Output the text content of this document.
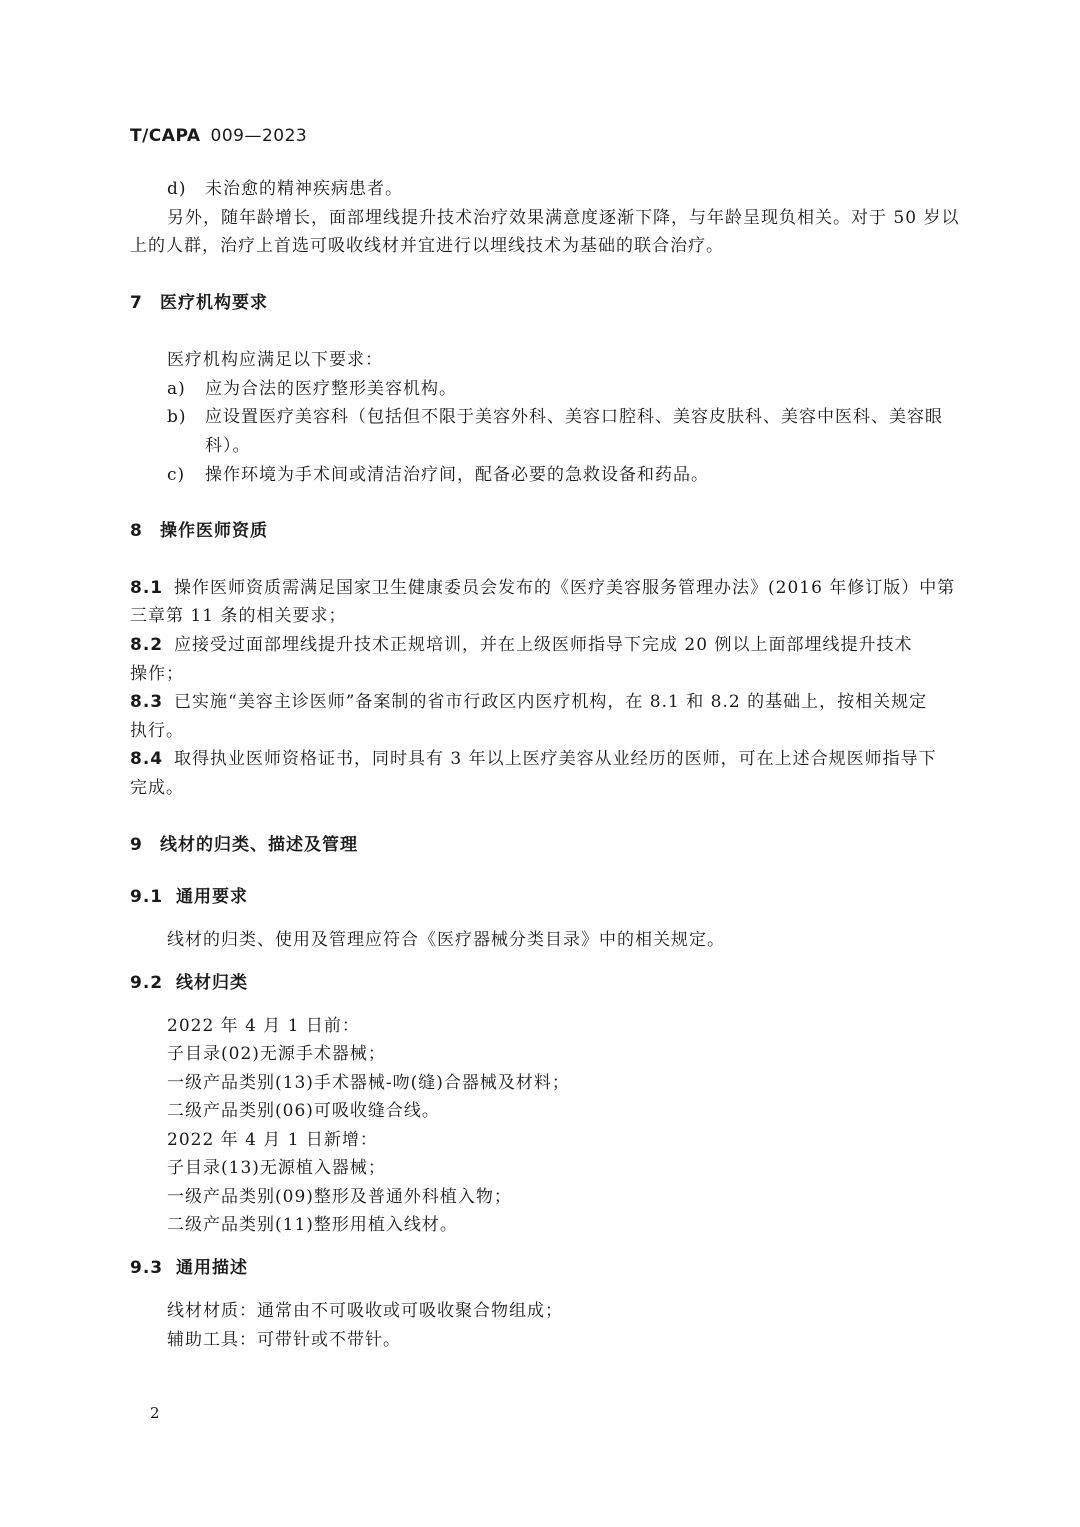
T/CAPA 009—2023
d) 未治愈的精神疾病患者。
另外，随年龄增长，面部埋线提升技术治疗效果满意度逐渐下降，与年龄呈现负相关。对于 50 岁以
上的人群，治疗上首选可吸收线材并宜进行以埋线技术为基础的联合治疗。
7 医疗机构要求
医疗机构应满足以下要求：
a) 应为合法的医疗整形美容机构。
b) 应设置医疗美容科（包括但不限于美容外科、美容口腔科、美容皮肤科、美容中医科、美容眼
科）。
c) 操作环境为手术间或清洁治疗间，配备必要的急救设备和药品。
8 操作医师资质
8.1 操作医师资质需满足国家卫生健康委员会发布的《医疗美容服务管理办法》(2016 年修订版）中第
三章第 11 条的相关要求；
8.2 应接受过面部埋线提升技术正规培训，并在上级医师指导下完成 20 例以上面部埋线提升技术
操作；
8.3 已实施“美容主诊医师”备案制的省市行政区内医疗机构，在 8.1 和 8.2 的基础上，按相关规定
执行。
8.4 取得执业医师资格证书，同时具有 3 年以上医疗美容从业经历的医师，可在上述合规医师指导下
完成。
9 线材的归类、描述及管理
9.1 通用要求
线材的归类、使用及管理应符合《医疗器械分类目录》中的相关规定。
9.2 线材归类
2022 年 4 月 1 日前：
子目录(02)无源手术器械；
一级产品类别(13)手术器械-吻(缝)合器械及材料；
二级产品类别(06)可吸收缝合线。
2022 年 4 月 1 日新增：
子目录(13)无源植入器械；
一级产品类别(09)整形及普通外科植入物；
二级产品类别(11)整形用植入线材。
9.3 通用描述
线材材质：通常由不可吸收或可吸收聚合物组成；
辅助工具：可带针或不带针。
2
